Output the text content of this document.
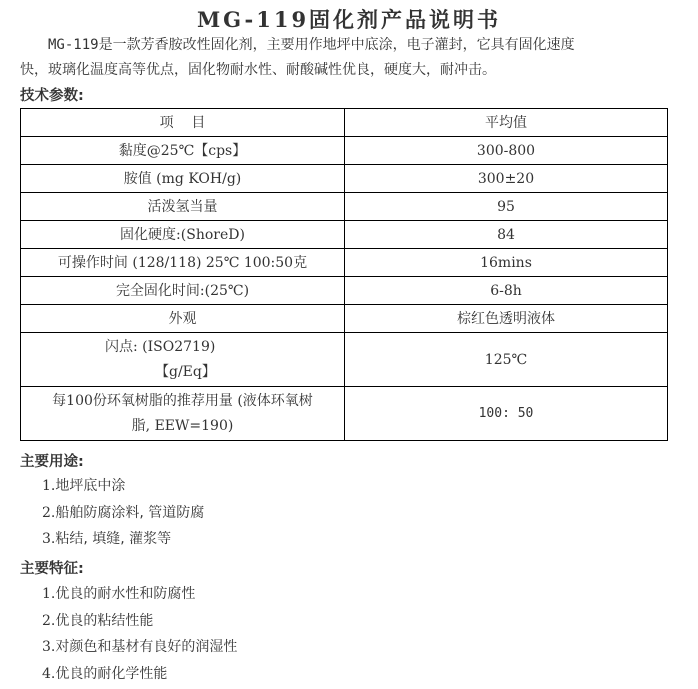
MG-119固化剂产品说明书
MG-119是一款芳香胺改性固化剂，主要用作地坪中底涂，电子灌封，它具有固化速度
快，玻璃化温度高等优点，固化物耐水性、耐酸碱性优良，硬度大，耐冲击。
技术参数:
项    目	平均值
黏度@25℃【cps】	300-800
胺值 (mg KOH/g)	300±20
活泼氢当量	95
固化硬度:(ShoreD)	84
可操作时间 (128/118) 25℃ 100:50克	16mins
完全固化时间:(25℃)	6-8h
外观	棕红色透明液体

闪点: (ISO2719)
【g/Eq】	125℃

每100份环氧树脂的推荐用量 (液体环氧树
脂, EEW=190)	100: 50
主要用途:
1.地坪底中涂
2.船舶防腐涂料, 管道防腐
3.粘结, 填缝, 灌浆等
主要特征:
1.优良的耐水性和防腐性
2.优良的粘结性能
3.对颜色和基材有良好的润湿性
4.优良的耐化学性能
